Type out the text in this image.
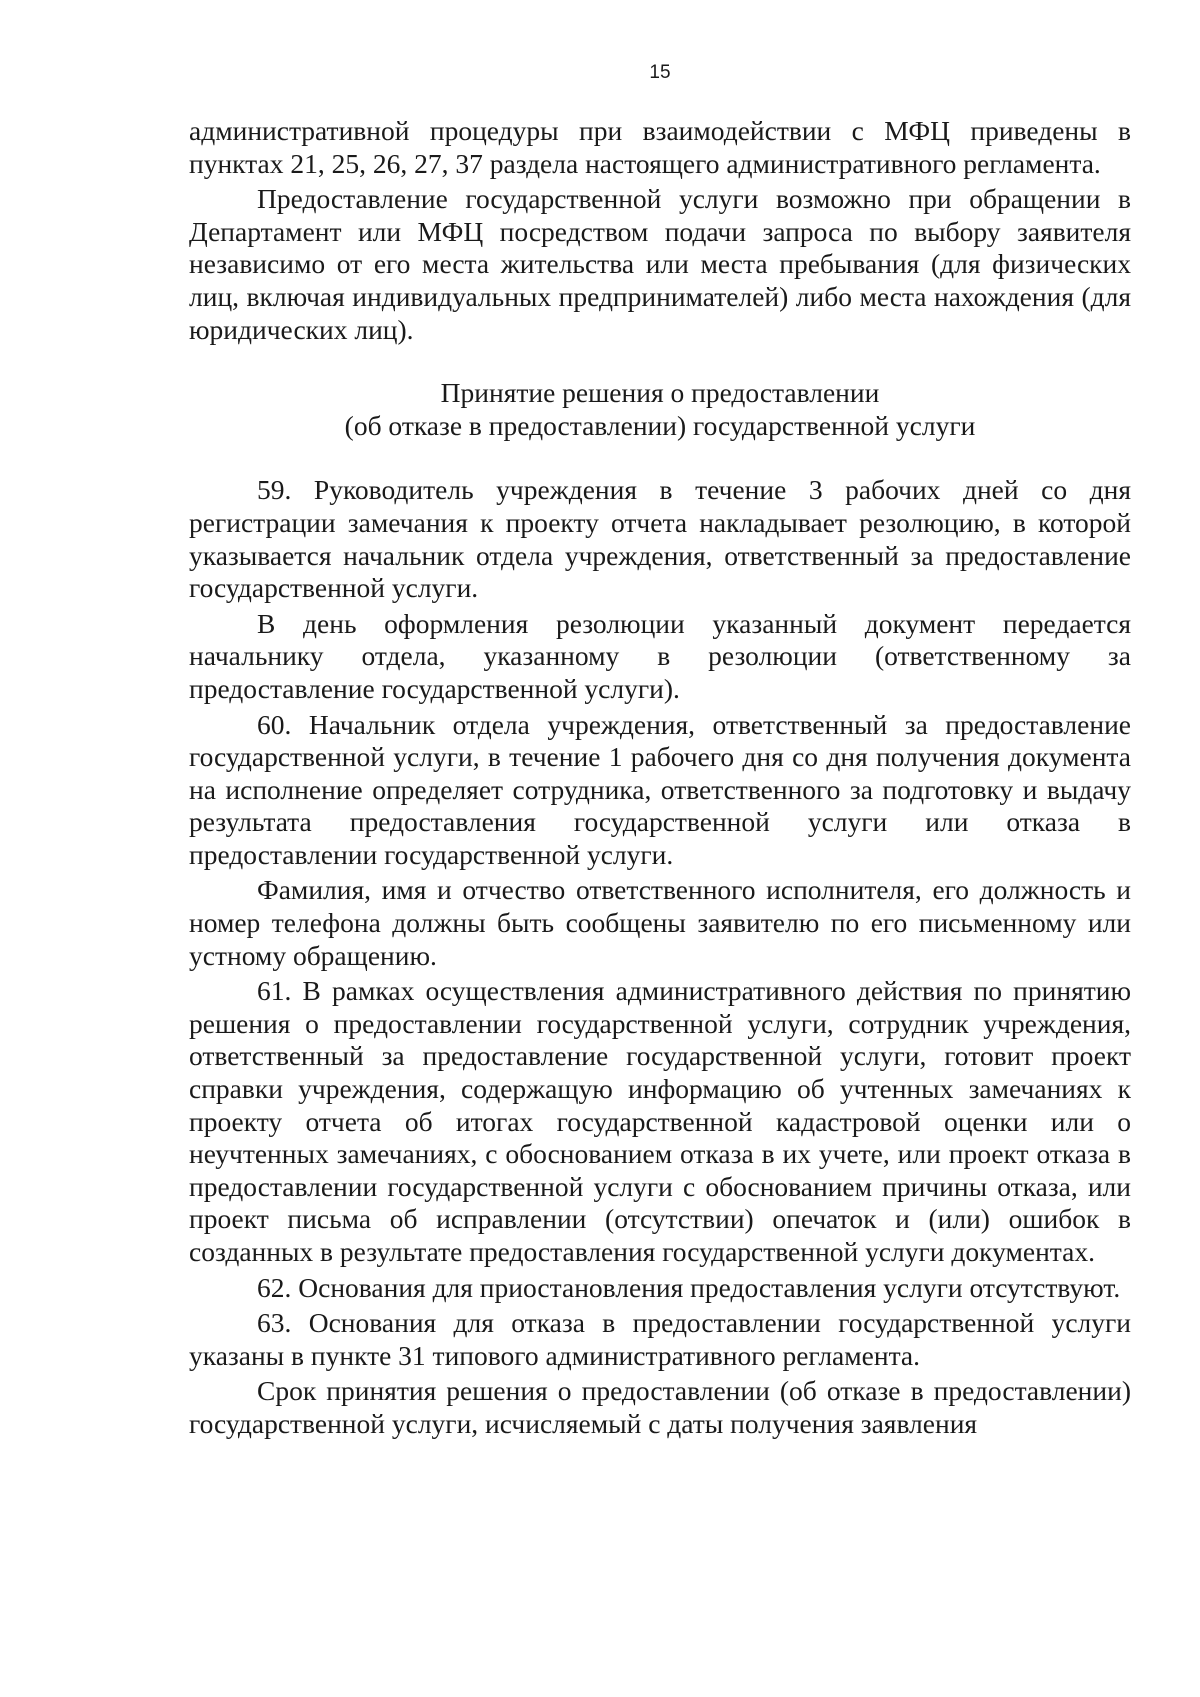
15

административной процедуры при взаимодействии с МФЦ приведены в пунктах 21, 25, 26, 27, 37 раздела настоящего административного регламента.

Предоставление государственной услуги возможно при обращении в Департамент или МФЦ посредством подачи запроса по выбору заявителя независимо от его места жительства или места пребывания (для физических лиц, включая индивидуальных предпринимателей) либо места нахождения (для юридических лиц).

Принятие решения о предоставлении
(об отказе в предоставлении) государственной услуги

59. Руководитель учреждения в течение 3 рабочих дней со дня регистрации замечания к проекту отчета накладывает резолюцию, в которой указывается начальник отдела учреждения, ответственный за предоставление государственной услуги.

В день оформления резолюции указанный документ передается начальнику отдела, указанному в резолюции (ответственному за предоставление государственной услуги).

60. Начальник отдела учреждения, ответственный за предоставление государственной услуги, в течение 1 рабочего дня со дня получения документа на исполнение определяет сотрудника, ответственного за подготовку и выдачу результата предоставления государственной услуги или отказа в предоставлении государственной услуги.

Фамилия, имя и отчество ответственного исполнителя, его должность и номер телефона должны быть сообщены заявителю по его письменному или устному обращению.

61. В рамках осуществления административного действия по принятию решения о предоставлении государственной услуги, сотрудник учреждения, ответственный за предоставление государственной услуги, готовит проект справки учреждения, содержащую информацию об учтенных замечаниях к проекту отчета об итогах государственной кадастровой оценки или о неучтенных замечаниях, с обоснованием отказа в их учете, или проект отказа в предоставлении государственной услуги с обоснованием причины отказа, или проект письма об исправлении (отсутствии) опечаток и (или) ошибок в созданных в результате предоставления государственной услуги документах.

62. Основания для приостановления предоставления услуги отсутствуют.

63. Основания для отказа в предоставлении государственной услуги указаны в пункте 31 типового административного регламента.

Срок принятия решения о предоставлении (об отказе в предоставлении) государственной услуги, исчисляемый с даты получения заявления
